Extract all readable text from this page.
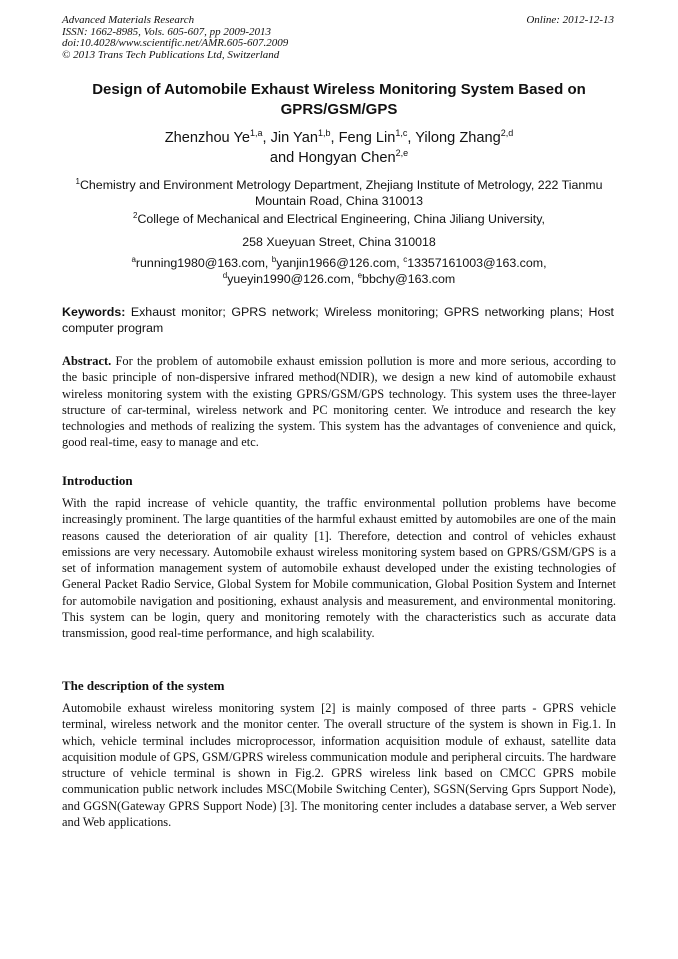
Advanced Materials Research
ISSN: 1662-8985, Vols. 605-607, pp 2009-2013
doi:10.4028/www.scientific.net/AMR.605-607.2009
© 2013 Trans Tech Publications Ltd, Switzerland
Online: 2012-12-13
Design of Automobile Exhaust Wireless Monitoring System Based on GPRS/GSM/GPS
Zhenzhou Ye$^{1,a}$, Jin Yan$^{1,b}$, Feng Lin$^{1,c}$, Yilong Zhang$^{2,d}$
and Hongyan Chen$^{2,e}$
$^1$Chemistry and Environment Metrology Department, Zhejiang Institute of Metrology, 222 Tianmu Mountain Road, China 310013
$^2$College of Mechanical and Electrical Engineering, China Jiliang University,
258 Xueyuan Street, China 310018
$^a$running1980@163.com, $^b$yanjin1966@126.com, $^c$13357161003@163.com,
$^d$yueyin1990@126.com, $^e$bbchy@163.com
Keywords: Exhaust monitor; GPRS network; Wireless monitoring; GPRS networking plans; Host computer program
Abstract. For the problem of automobile exhaust emission pollution is more and more serious, according to the basic principle of non-dispersive infrared method(NDIR), we design a new kind of automobile exhaust wireless monitoring system with the existing GPRS/GSM/GPS technology. This system uses the three-layer structure of car-terminal, wireless network and PC monitoring center. We introduce and research the key technologies and methods of realizing the system. This system has the advantages of convenience and quick, good real-time, easy to manage and etc.
Introduction
With the rapid increase of vehicle quantity, the traffic environmental pollution problems have become increasingly prominent. The large quantities of the harmful exhaust emitted by automobiles are one of the main reasons caused the deterioration of air quality [1]. Therefore, detection and control of vehicles exhaust emissions are very necessary. Automobile exhaust wireless monitoring system based on GPRS/GSM/GPS is a set of information management system of automobile exhaust developed under the existing technologies of General Packet Radio Service, Global System for Mobile communication, Global Position System and Internet for automobile navigation and positioning, exhaust analysis and measurement, and environmental monitoring. This system can be login, query and monitoring remotely with the characteristics such as accurate data transmission, good real-time performance, and high scalability.
The description of the system
Automobile exhaust wireless monitoring system [2] is mainly composed of three parts - GPRS vehicle terminal, wireless network and the monitor center. The overall structure of the system is shown in Fig.1. In which, vehicle terminal includes microprocessor, information acquisition module of exhaust, satellite data acquisition module of GPS, GSM/GPRS wireless communication module and peripheral circuits. The hardware structure of vehicle terminal is shown in Fig.2. GPRS wireless link based on CMCC GPRS mobile communication public network includes MSC(Mobile Switching Center), SGSN(Serving Gprs Support Node), and GGSN(Gateway GPRS Support Node) [3]. The monitoring center includes a database server, a Web server and Web applications.
